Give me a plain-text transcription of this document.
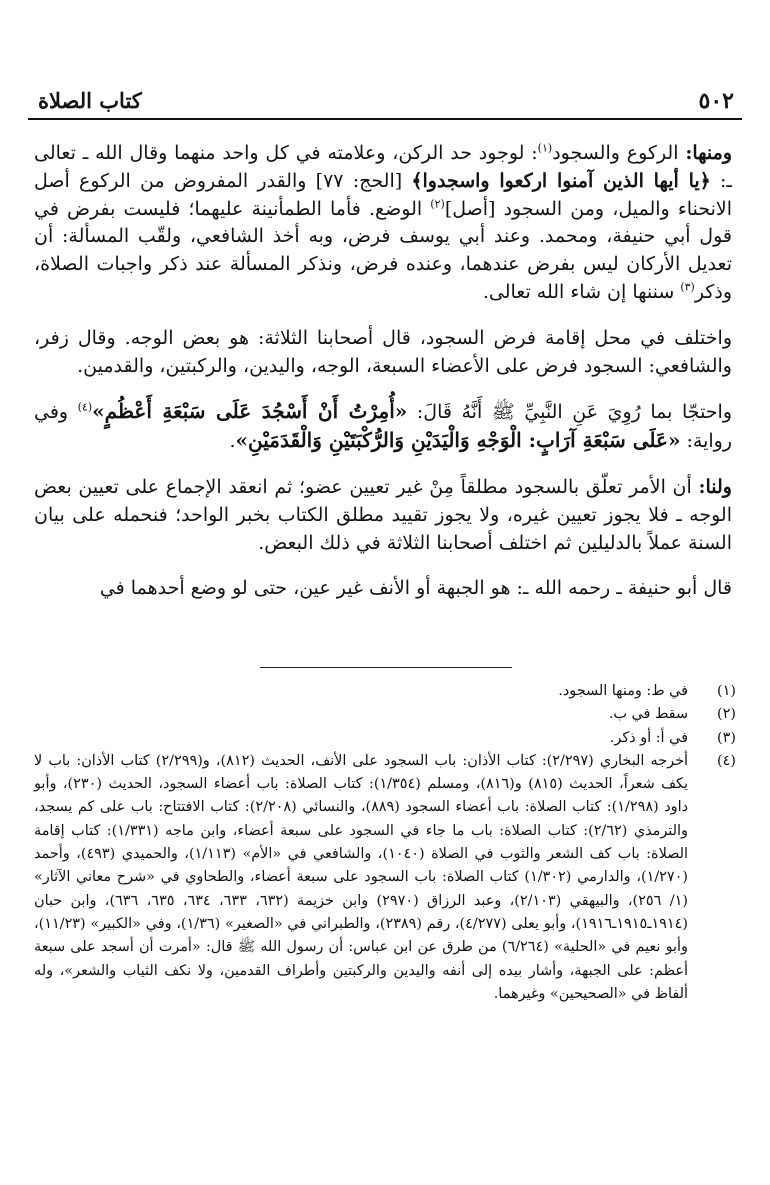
٥٠٢
كتاب الصلاة

ومنها: الركوع والسجود$^{(١)}$: لوجود حد الركن، وعلامته في كل واحد منهما وقال الله ـ تعالى ـ: ﴿يا أيها الذين آمنوا اركعوا واسجدوا﴾ [الحج: ٧٧] والقدر المفروض من الركوع أصل الانحناء والميل، ومن السجود [أصل]$^{(٢)}$ الوضع. فأما الطمأنينة عليهما؛ فليست بفرض في قول أبي حنيفة، ومحمد. وعند أبي يوسف فرض، وبه أخذ الشافعي، ولقّب المسألة: أن تعديل الأركان ليس بفرض عندهما، وعنده فرض، ونذكر المسألة عند ذكر واجبات الصلاة، وذكر$^{(٣)}$ سننها إن شاء الله تعالى.

واختلف في محل إقامة فرض السجود، قال أصحابنا الثلاثة: هو بعض الوجه. وقال زفر، والشافعي: السجود فرض على الأعضاء السبعة، الوجه، واليدين، والركبتين، والقدمين.

واحتجّا بما رُوِيَ عَنِ النَّبِيِّ ﷺ أَنَّهُ قَالَ: «أُمِرْتُ أَنْ أَسْجُدَ عَلَى سَبْعَةِ أَعْظُمٍ»$^{(٤)}$ وفي رواية: «عَلَى سَبْعَةِ آرَابٍ: الْوَجْهِ وَالْيَدَيْنِ وَالرُّكْبَتَيْنِ وَالْقَدَمَيْنِ».

ولنا: أن الأمر تعلّق بالسجود مطلقاً مِنْ غير تعيين عضو؛ ثم انعقد الإجماع على تعيين بعض الوجه ـ فلا يجوز تعيين غيره، ولا يجوز تقييد مطلق الكتاب بخبر الواحد؛ فنحمله على بيان السنة عملاً بالدليلين ثم اختلف أصحابنا الثلاثة في ذلك البعض.

قال أبو حنيفة ـ رحمه الله ـ: هو الجبهة أو الأنف غير عين، حتى لو وضع أحدهما في

(١)
في ط: ومنها السجود.
(٢)
سقط في ب.
(٣)
في أ: أو ذكر.
(٤)
أخرجه البخاري (٢/٢٩٧): كتاب الأذان: باب السجود على الأنف، الحديث (٨١٢)، و(٢/٢٩٩) كتاب الأذان: باب لا يكف شعراً، الحديث (٨١٥) و(٨١٦)، ومسلم (١/٣٥٤): كتاب الصلاة: باب أعضاء السجود، الحديث (٢٣٠)، وأبو داود (١/٢٩٨): كتاب الصلاة: باب أعضاء السجود (٨٨٩)، والنسائي (٢/٢٠٨): كتاب الافتتاح: باب على كم يسجد، والترمذي (٢/٦٢): كتاب الصلاة: باب ما جاء في السجود على سبعة أعضاء، وابن ماجه (١/٣٣١): كتاب إقامة الصلاة: باب كف الشعر والثوب في الصلاة (١٠٤٠)، والشافعي في «الأم» (١/١١٣)، والحميدي (٤٩٣)، وأحمد (١/٢٧٠)، والدارمي (١/٣٠٢) كتاب الصلاة: باب السجود على سبعة أعضاء، والطحاوي في «شرح معاني الآثار» (١/ ٢٥٦)، والبيهقي (٢/١٠٣)، وعبد الرزاق (٢٩٧٠) وابن خزيمة (٦٣٢، ٦٣٣، ٦٣٤، ٦٣٥، ٦٣٦)، وابن حبان (١٩١٤ـ١٩١٥ـ١٩١٦)، وأبو يعلى (٤/٢٧٧)، رقم (٢٣٨٩)، والطبراني في «الصغير» (١/٣٦)، وفي «الكبير» (١١/٢٣)، وأبو نعيم في «الحلية» (٦/٢٦٤) من طرق عن ابن عباس: أن رسول الله ﷺ قال: «أمرت أن أسجد على سبعة أعظم: على الجبهة، وأشار بيده إلى أنفه واليدين والركبتين وأطراف القدمين، ولا نكف الثياب والشعر»، وله ألفاظ في «الصحيحين» وغيرهما.
